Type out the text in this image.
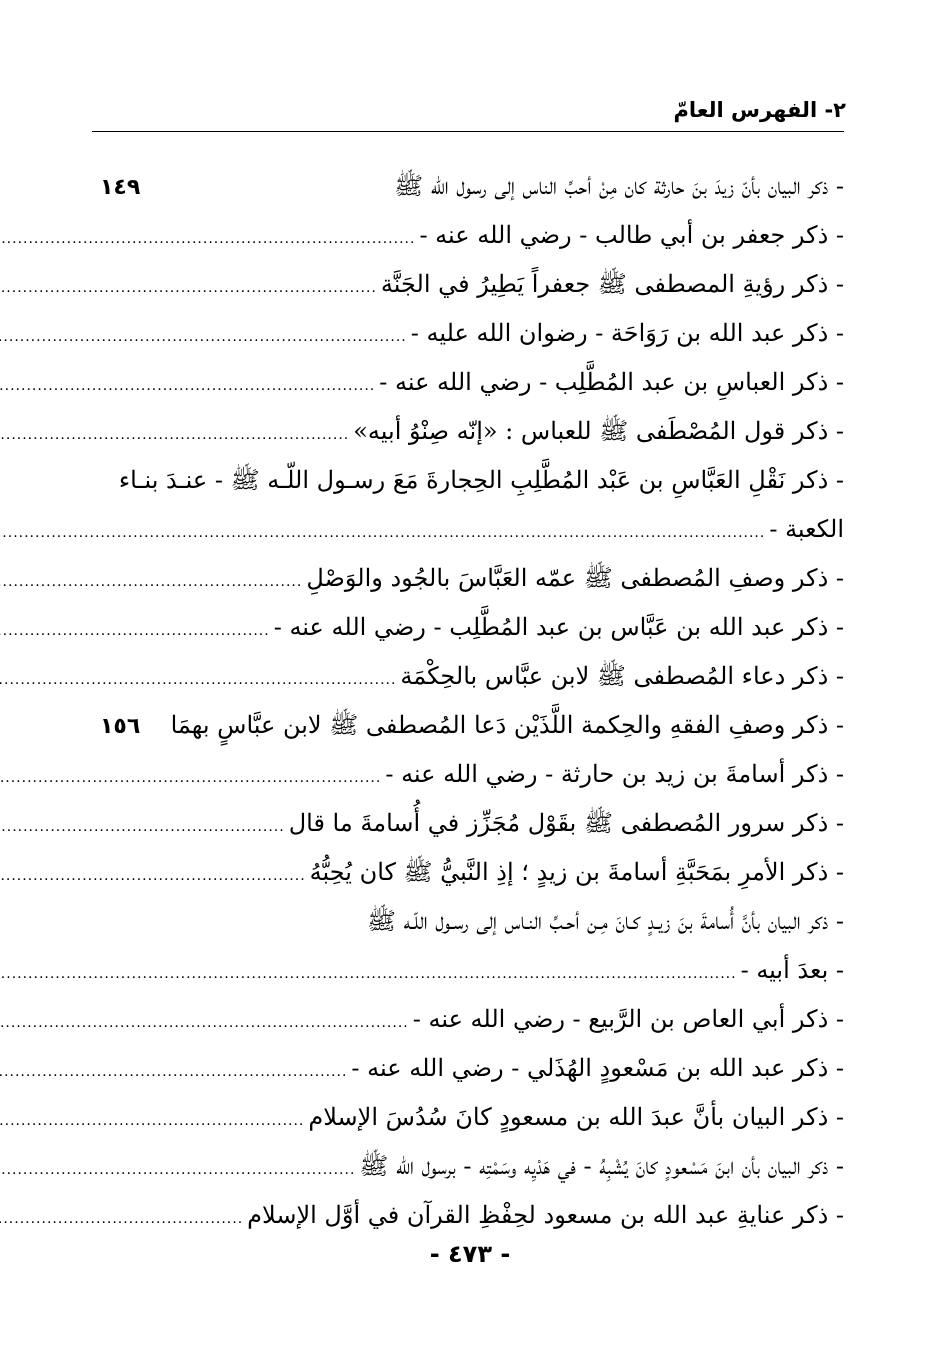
٢- الفهرس العامّ
- ذكر البيان بأنّ زيدَ بنَ حارثة كان مِنْ أحبِّ الناس إلى رسول الله ﷺ
١٤٩
- ذكر جعفر بن أبي طالب - رضي الله عنه -
.....
- ذكر رؤيةِ المصطفى ﷺ جعفراً يَطِيرُ في الجَنَّة
.....
- ذكر عبد الله بن رَوَاحَة - رضوان الله عليه -
.....
- ذكر العباسِ بن عبد المُطَّلِب - رضي الله عنه -
.....
- ذكر قول المُصْطَفى ﷺ للعباس : «إنّه صِنْوُ أبيه»
.....
- ذكر نَقْلِ العَبَّاسِ بن عَبْد المُطَّلِبِ الحِجارةَ مَعَ رسـول اللّـه ﷺ - عنـدَ بنـاء
الكعبة -
.....
- ذكر وصفِ المُصطفى ﷺ عمّه العَبَّاسَ بالجُود والوَصْلِ
.....
- ذكر عبد الله بن عَبَّاس بن عبد المُطَّلِب - رضي الله عنه -
.....
- ذكر دعاء المُصطفى ﷺ لابن عبَّاس بالحِكْمَة
.....
- ذكر وصفِ الفقهِ والحِكمة اللَّذَيْن دَعا المُصطفى ﷺ لابن عبَّاسٍ بهمَا
١٥٦
- ذكر أسامةَ بن زيد بن حارثة - رضي الله عنه -
.....
- ذكر سرور المُصطفى ﷺ بقَوْل مُجَزِّز في أُسامةَ ما قال
.....
- ذكر الأمرِ بمَحَبَّةِ أسامةَ بن زيدٍ ؛ إذِ النَّبيُّ ﷺ كان يُحِبُّهُ
.....
- ذكر البيان بأنَّ أُسامةَ بنَ زيـدٍ كـانَ مِـن أحـبِّ النـاس إلى رسـول اللّـه ﷺ
- بعدَ أبيه -
.....
- ذكر أبي العاص بن الرَّبيع - رضي الله عنه -
.....
- ذكر عبد الله بن مَسْعودٍ الهُذَلي - رضي الله عنه -
.....
- ذكر البيان بأنَّ عبدَ الله بن مسعودٍ كانَ سُدُسَ الإسلام
.....
- ذكر البيان بأن ابنَ مَسْعودٍ كانَ يُشْبِهُ - في هَدْيِه وسَمْتِه - برسول الله ﷺ
.....
- ذكر عنايةِ عبد الله بن مسعود لحِفْظِ القرآن في أوَّل الإسلام
.....
- ٤٧٣ -
